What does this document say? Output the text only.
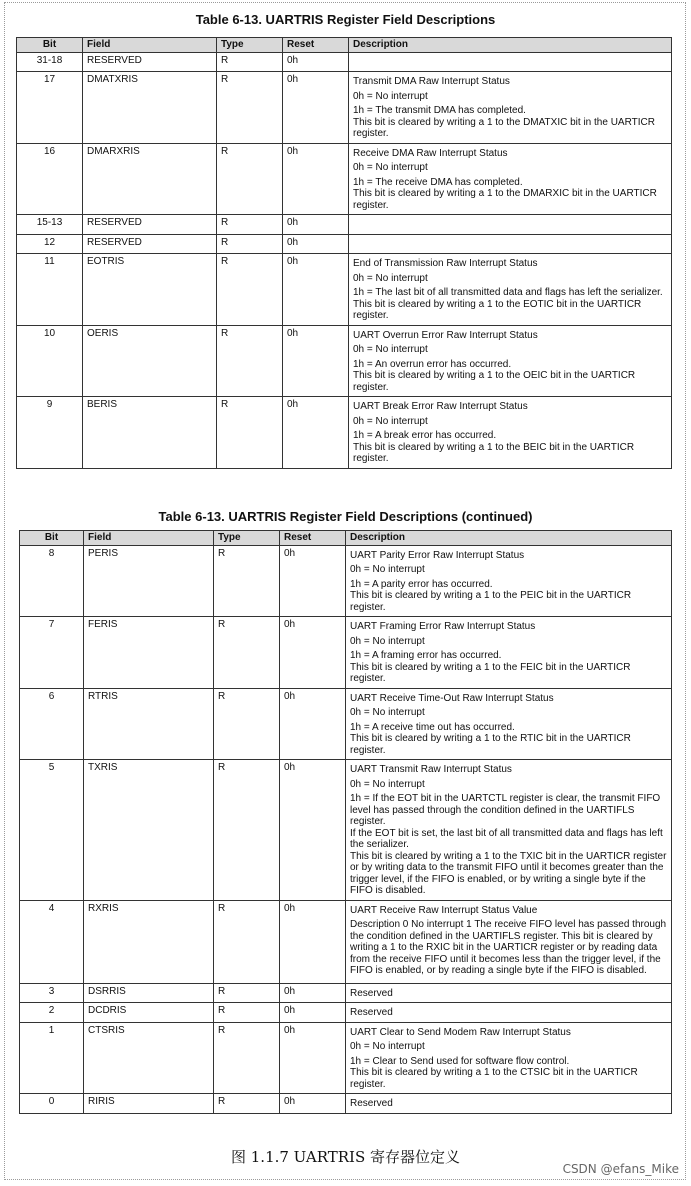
Table 6-13. UARTRIS Register Field Descriptions
Bit	Field	Type	Reset	Description
31-18	RESERVED	R	0h	
17	DMATXRIS	R	0h	Transmit DMA Raw Interrupt Status
0h = No interrupt
1h = The transmit DMA has completed.
This bit is cleared by writing a 1 to the DMATXIC bit in the UARTICR register.

16	DMARXRIS	R	0h	Receive DMA Raw Interrupt Status
0h = No interrupt
1h = The receive DMA has completed.
This bit is cleared by writing a 1 to the DMARXIC bit in the UARTICR register.

15-13	RESERVED	R	0h	
12	RESERVED	R	0h	
11	EOTRIS	R	0h	End of Transmission Raw Interrupt Status
0h = No interrupt
1h = The last bit of all transmitted data and flags has left the serializer.
This bit is cleared by writing a 1 to the EOTIC bit in the UARTICR register.

10	OERIS	R	0h	UART Overrun Error Raw Interrupt Status
0h = No interrupt
1h = An overrun error has occurred.
This bit is cleared by writing a 1 to the OEIC bit in the UARTICR register.

9	BERIS	R	0h	UART Break Error Raw Interrupt Status
0h = No interrupt
1h = A break error has occurred.
This bit is cleared by writing a 1 to the BEIC bit in the UARTICR register.
Table 6-13. UARTRIS Register Field Descriptions (continued)
Bit	Field	Type	Reset	Description
8	PERIS	R	0h	UART Parity Error Raw Interrupt Status
0h = No interrupt
1h = A parity error has occurred.
This bit is cleared by writing a 1 to the PEIC bit in the UARTICR register.

7	FERIS	R	0h	UART Framing Error Raw Interrupt Status
0h = No interrupt
1h = A framing error has occurred.
This bit is cleared by writing a 1 to the FEIC bit in the UARTICR register.

6	RTRIS	R	0h	UART Receive Time-Out Raw Interrupt Status
0h = No interrupt
1h = A receive time out has occurred.
This bit is cleared by writing a 1 to the RTIC bit in the UARTICR register.

5	TXRIS	R	0h	UART Transmit Raw Interrupt Status
0h = No interrupt
1h = If the EOT bit in the UARTCTL register is clear, the transmit FIFO level has passed through the condition defined in the UARTIFLS register.
If the EOT bit is set, the last bit of all transmitted data and flags has left the serializer.
This bit is cleared by writing a 1 to the TXIC bit in the UARTICR register or by writing data to the transmit FIFO until it becomes greater than the trigger level, if the FIFO is enabled, or by writing a single byte if the FIFO is disabled.

4	RXRIS	R	0h	UART Receive Raw Interrupt Status Value
Description 0 No interrupt 1 The receive FIFO level has passed through the condition defined in the UARTIFLS register. This bit is cleared by writing a 1 to the RXIC bit in the UARTICR register or by reading data from the receive FIFO until it becomes less than the trigger level, if the FIFO is enabled, or by reading a single byte if the FIFO is disabled.

3	DSRRIS	R	0h	Reserved

2	DCDRIS	R	0h	Reserved

1	CTSRIS	R	0h	UART Clear to Send Modem Raw Interrupt Status
0h = No interrupt
1h = Clear to Send used for software flow control.
This bit is cleared by writing a 1 to the CTSIC bit in the UARTICR register.

0	RIRIS	R	0h	Reserved
图 1.1.7 UARTRIS 寄存器位定义
CSDN @efans_Mike
